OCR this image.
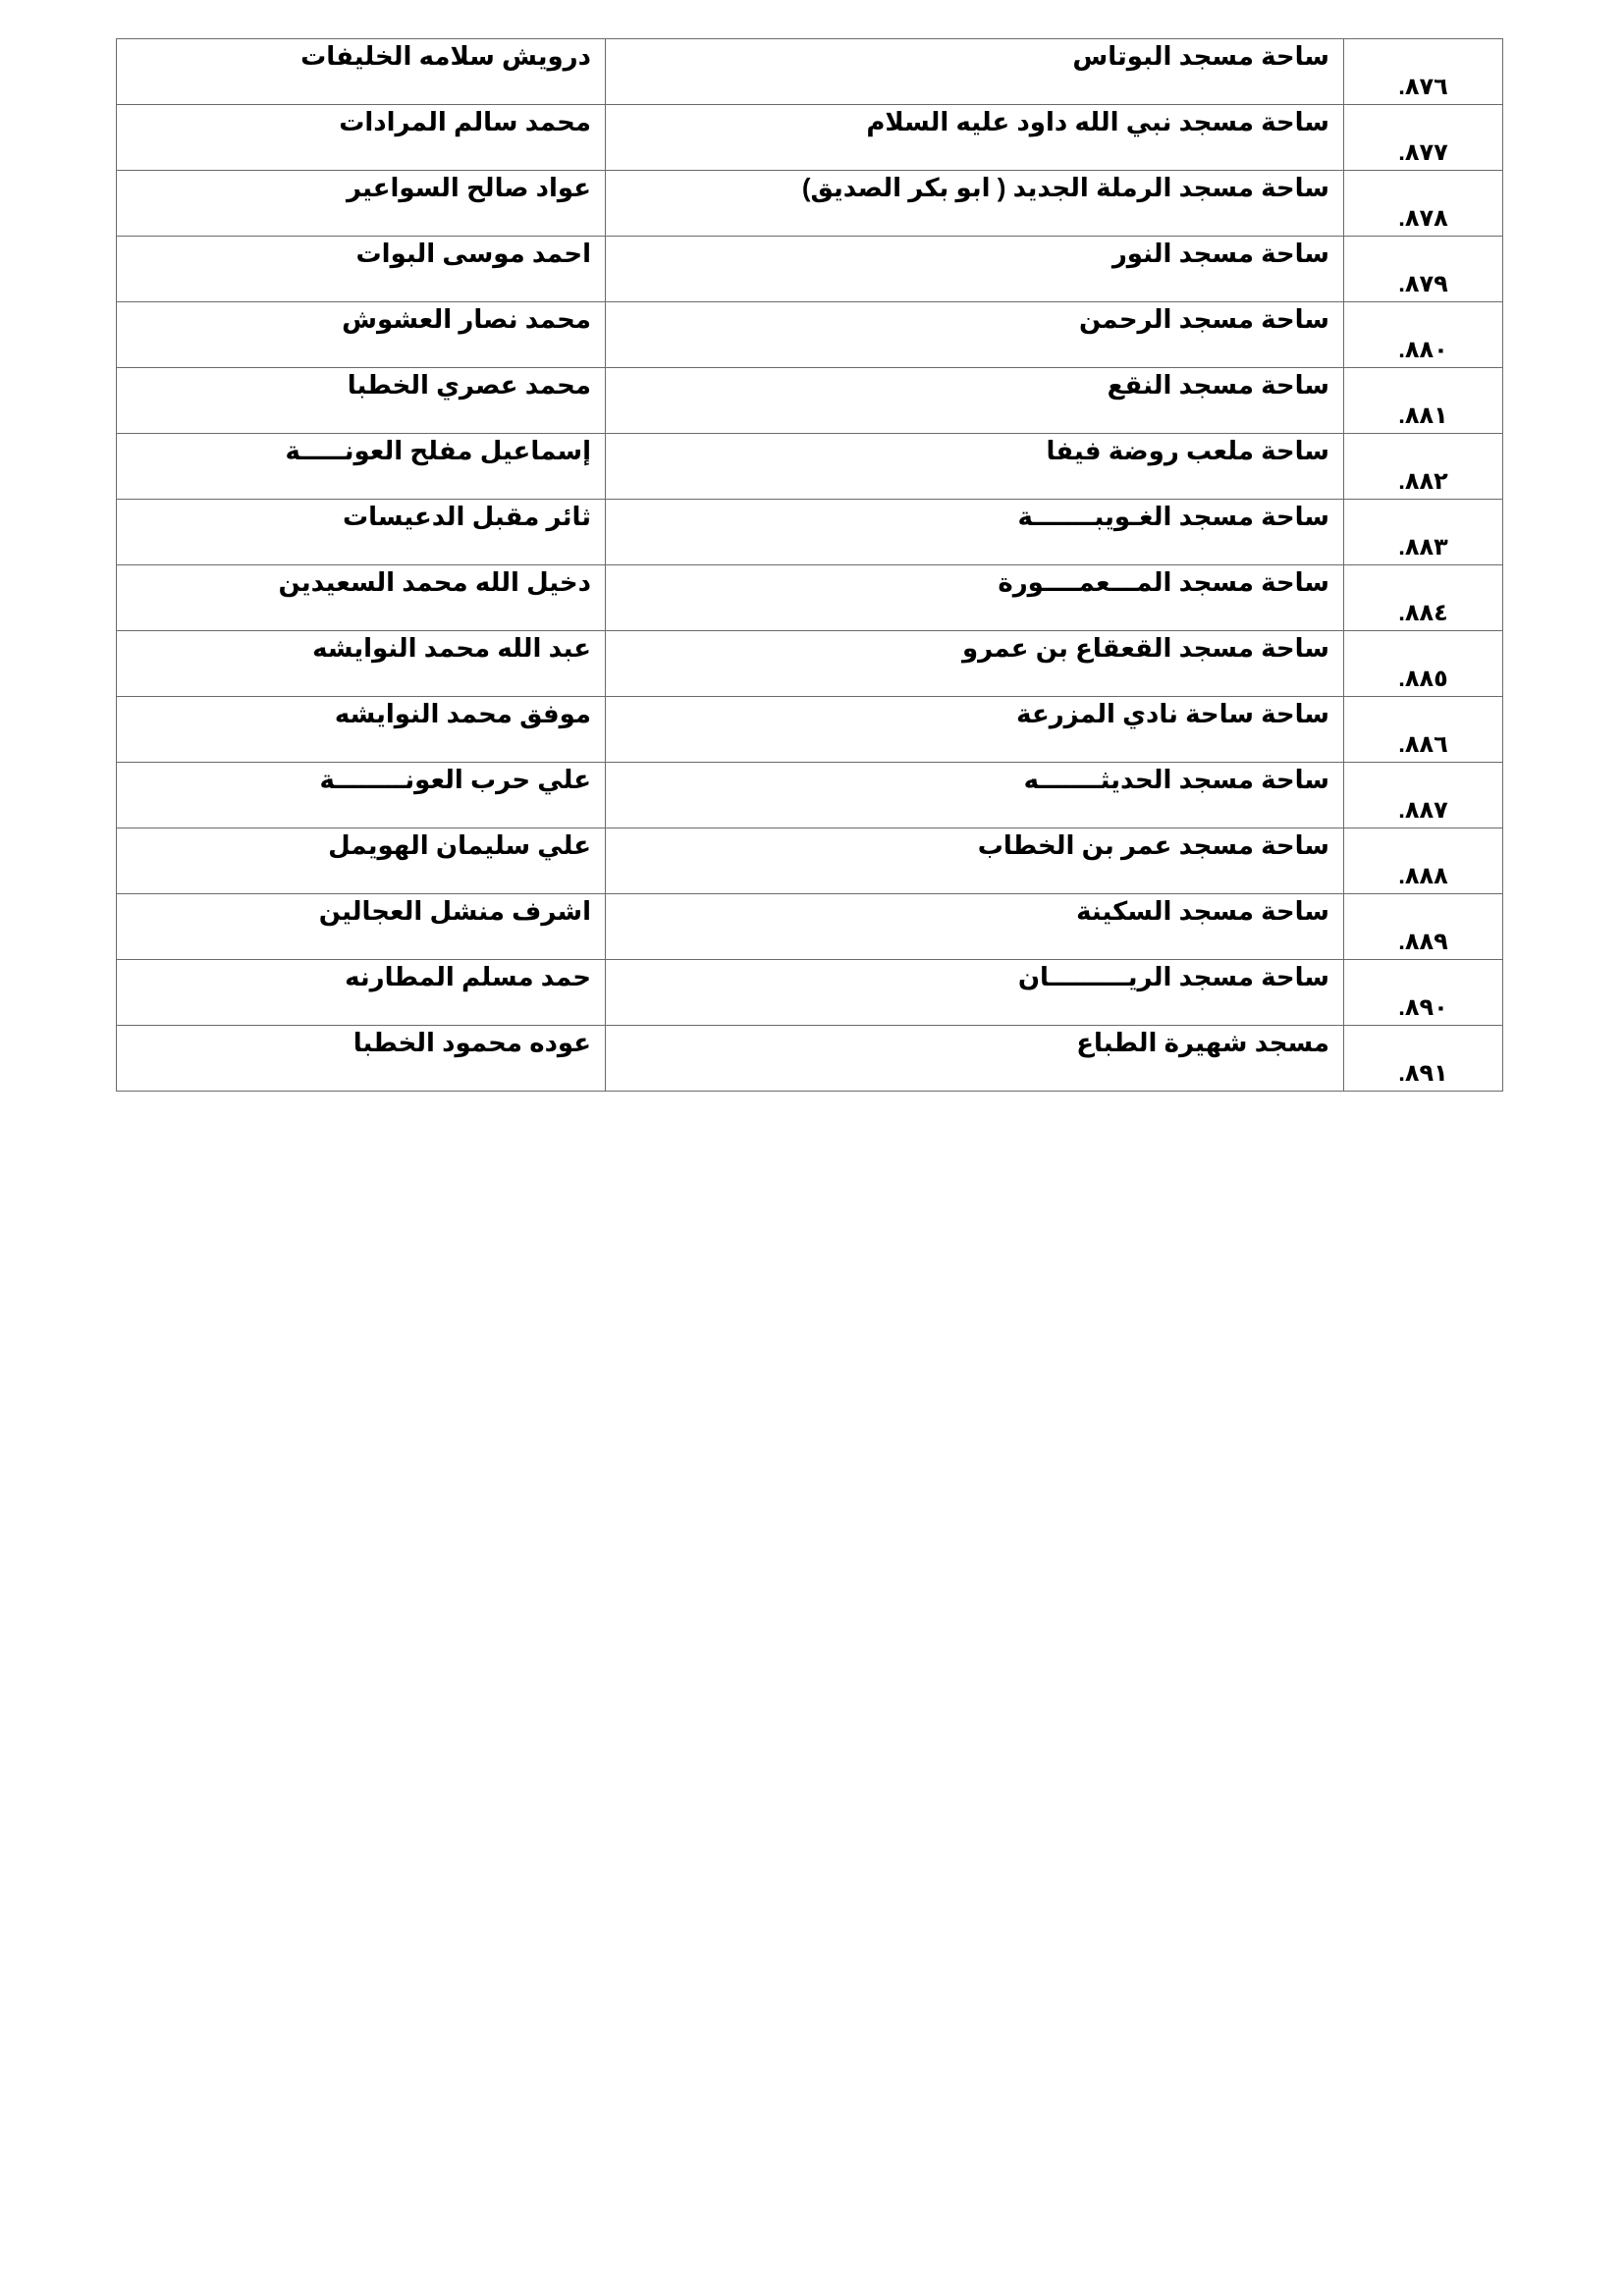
٨٧٦.	ساحة مسجد البوتاس	درويش سلامه الخليفات
٨٧٧.	ساحة مسجد نبي الله داود عليه السلام	محمد سالم المرادات
٨٧٨.	ساحة مسجد الرملة الجديد ( ابو بكر الصديق)	عواد صالح السواعير
٨٧٩.	ساحة مسجد النور	احمد موسى البوات
٨٨٠.	ساحة مسجد الرحمن	محمد نصار العشوش
٨٨١.	ساحة مسجد النقع	محمد عصري الخطبا
٨٨٢.	ساحة ملعب روضة فيفا	إسماعيل مفلح العونـــــة
٨٨٣.	ساحة مسجد الغـويبـــــــة	ثائر مقبل الدعيسات
٨٨٤.	ساحة مسجد المـــعمــــورة	دخيل الله محمد السعيدين
٨٨٥.	ساحة مسجد القعقاع بن عمرو	عبد الله محمد النوايشه
٨٨٦.	ساحة ساحة نادي المزرعة	موفق محمد النوايشه
٨٨٧.	ساحة مسجد الحديثـــــــه	علي حرب العونــــــــة
٨٨٨.	ساحة مسجد عمر بن الخطاب	علي سليمان الهويمل
٨٨٩.	ساحة مسجد السكينة	اشرف منشل العجالين
٨٩٠.	ساحة مسجد الريـــــــــان	حمد مسلم المطارنه
٨٩١.	مسجد شهيرة الطباع	عوده محمود الخطبا
